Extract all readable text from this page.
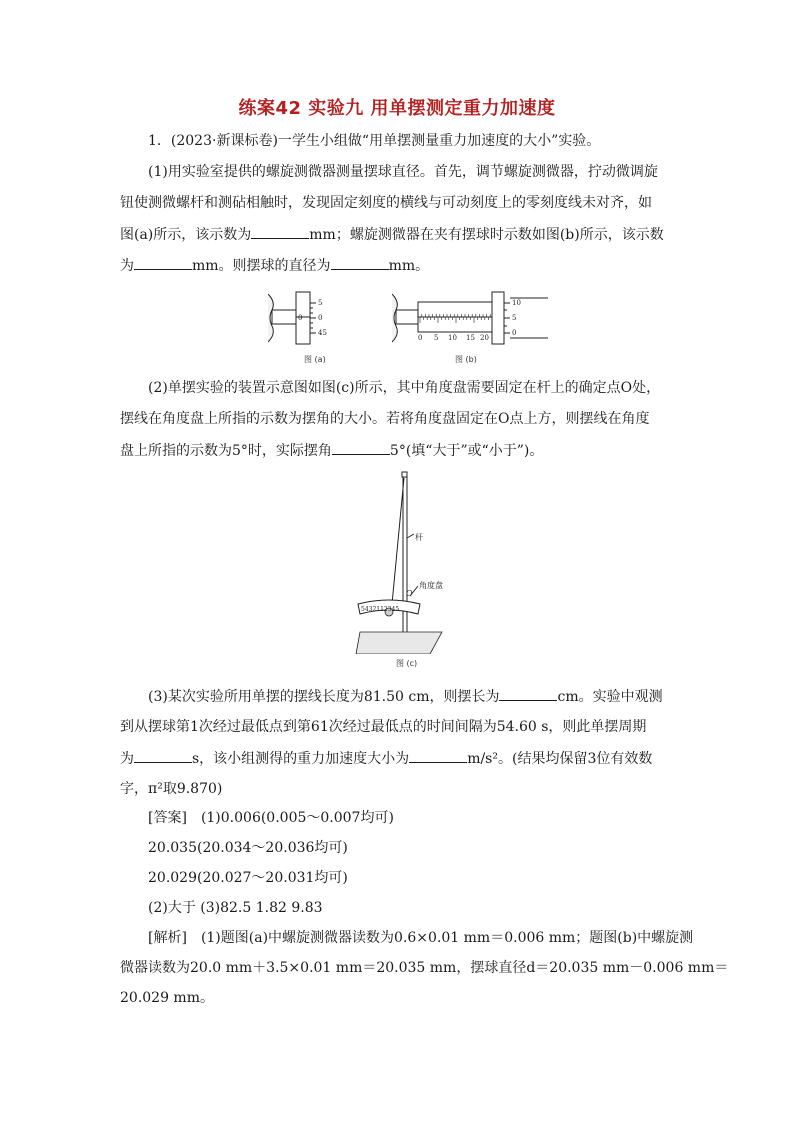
练案42 实验九 用单摆测定重力加速度
1．(2023·新课标卷)一学生小组做“用单摆测量重力加速度的大小”实验。
(1)用实验室提供的螺旋测微器测量摆球直径。首先，调节螺旋测微器，拧动微调旋
钮使测微螺杆和测砧相触时，发现固定刻度的横线与可动刻度上的零刻度线未对齐，如
图(a)所示，该示数为	mm；螺旋测微器在夹有摆球时示数如图(b)所示，该示数
为	mm。则摆球的直径为	mm。
5
0
45
0
图 (a)
10
5
0
0 5 10 15 20
图 (b)
(2)单摆实验的装置示意图如图(c)所示，其中角度盘需要固定在杆上的确定点O处，
摆线在角度盘上所指的示数为摆角的大小。若将角度盘固定在O点上方，则摆线在角度
盘上所指的示数为5°时，实际摆角	5°(填“大于”或“小于”)。
杆
角度盘
O
5432112345
图 (c)
(3)某次实验所用单摆的摆线长度为81.50 cm，则摆长为	cm。实验中观测
到从摆球第1次经过最低点到第61次经过最低点的时间间隔为54.60 s，则此单摆周期
为	s，该小组测得的重力加速度大小为	m/s²。(结果均保留3位有效数
字，π²取9.870)
[答案] (1)0.006(0.005～0.007均可)
20.035(20.034～20.036均可)
20.029(20.027～20.031均可)
(2)大于 (3)82.5 1.82 9.83
[解析] (1)题图(a)中螺旋测微器读数为0.6×0.01 mm＝0.006 mm；题图(b)中螺旋测
微器读数为20.0 mm＋3.5×0.01 mm＝20.035 mm，摆球直径d＝20.035 mm－0.006 mm＝
20.029 mm。
